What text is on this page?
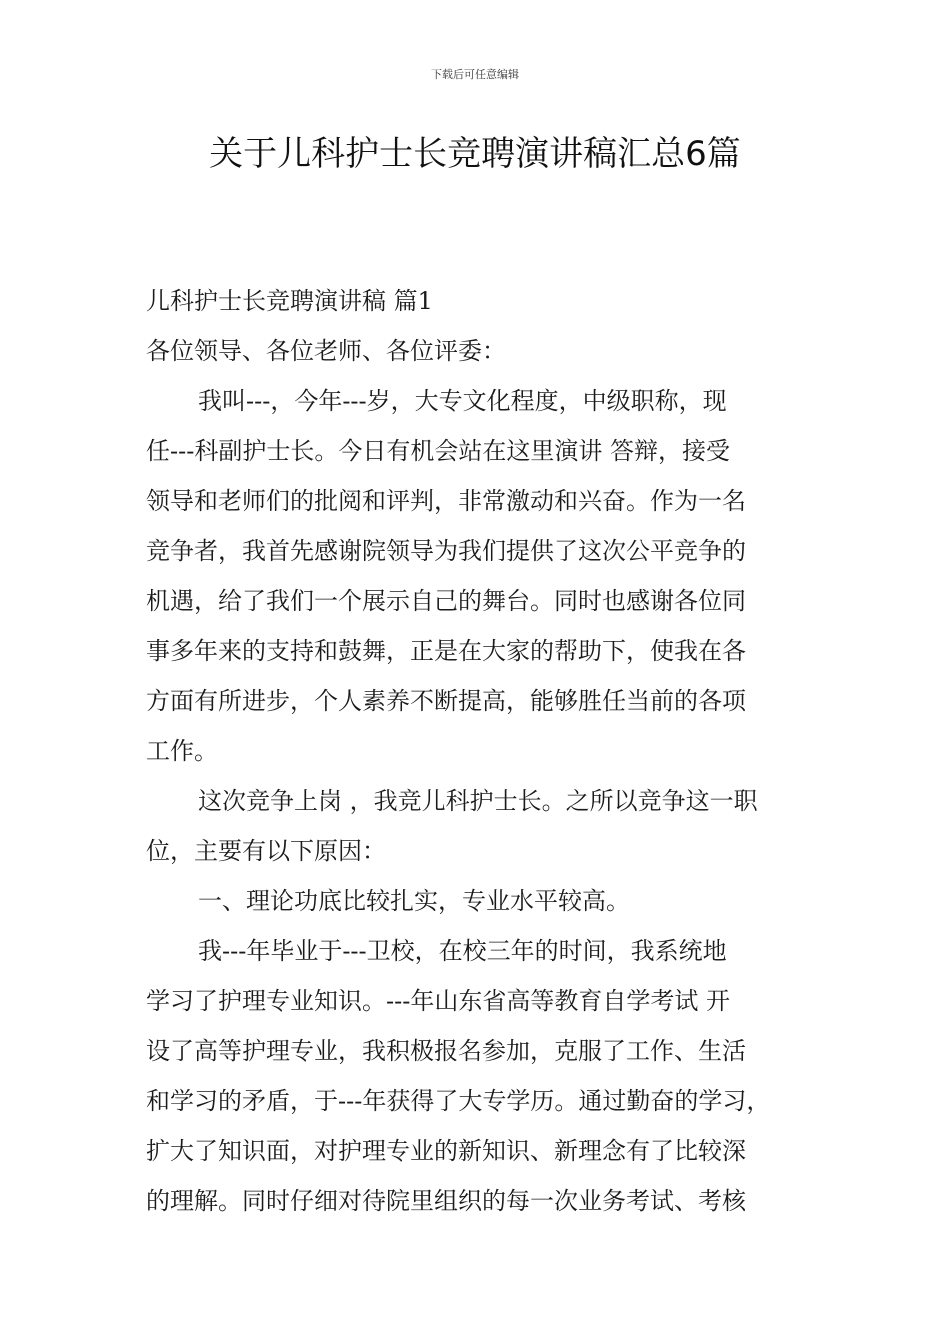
下载后可任意编辑
关于儿科护士长竞聘演讲稿汇总6篇

儿科护士长竞聘演讲稿 篇1

各位领导、各位老师、各位评委：

我叫---，今年---岁，大专文化程度，中级职称，现

任---科副护士长。今日有机会站在这里演讲 答辩，接受

领导和老师们的批阅和评判，非常激动和兴奋。作为一名

竞争者，我首先感谢院领导为我们提供了这次公平竞争的

机遇，给了我们一个展示自己的舞台。同时也感谢各位同

事多年来的支持和鼓舞，正是在大家的帮助下，使我在各

方面有所进步，个人素养不断提高，能够胜任当前的各项

工作。

这次竞争上岗 ，我竞儿科护士长。之所以竞争这一职

位，主要有以下原因：

一、理论功底比较扎实，专业水平较高。

我---年毕业于---卫校，在校三年的时间，我系统地

学习了护理专业知识。---年山东省高等教育自学考试 开

设了高等护理专业，我积极报名参加，克服了工作、生活

和学习的矛盾，于---年获得了大专学历。通过勤奋的学习，

扩大了知识面，对护理专业的新知识、新理念有了比较深

的理解。同时仔细对待院里组织的每一次业务考试、考核
